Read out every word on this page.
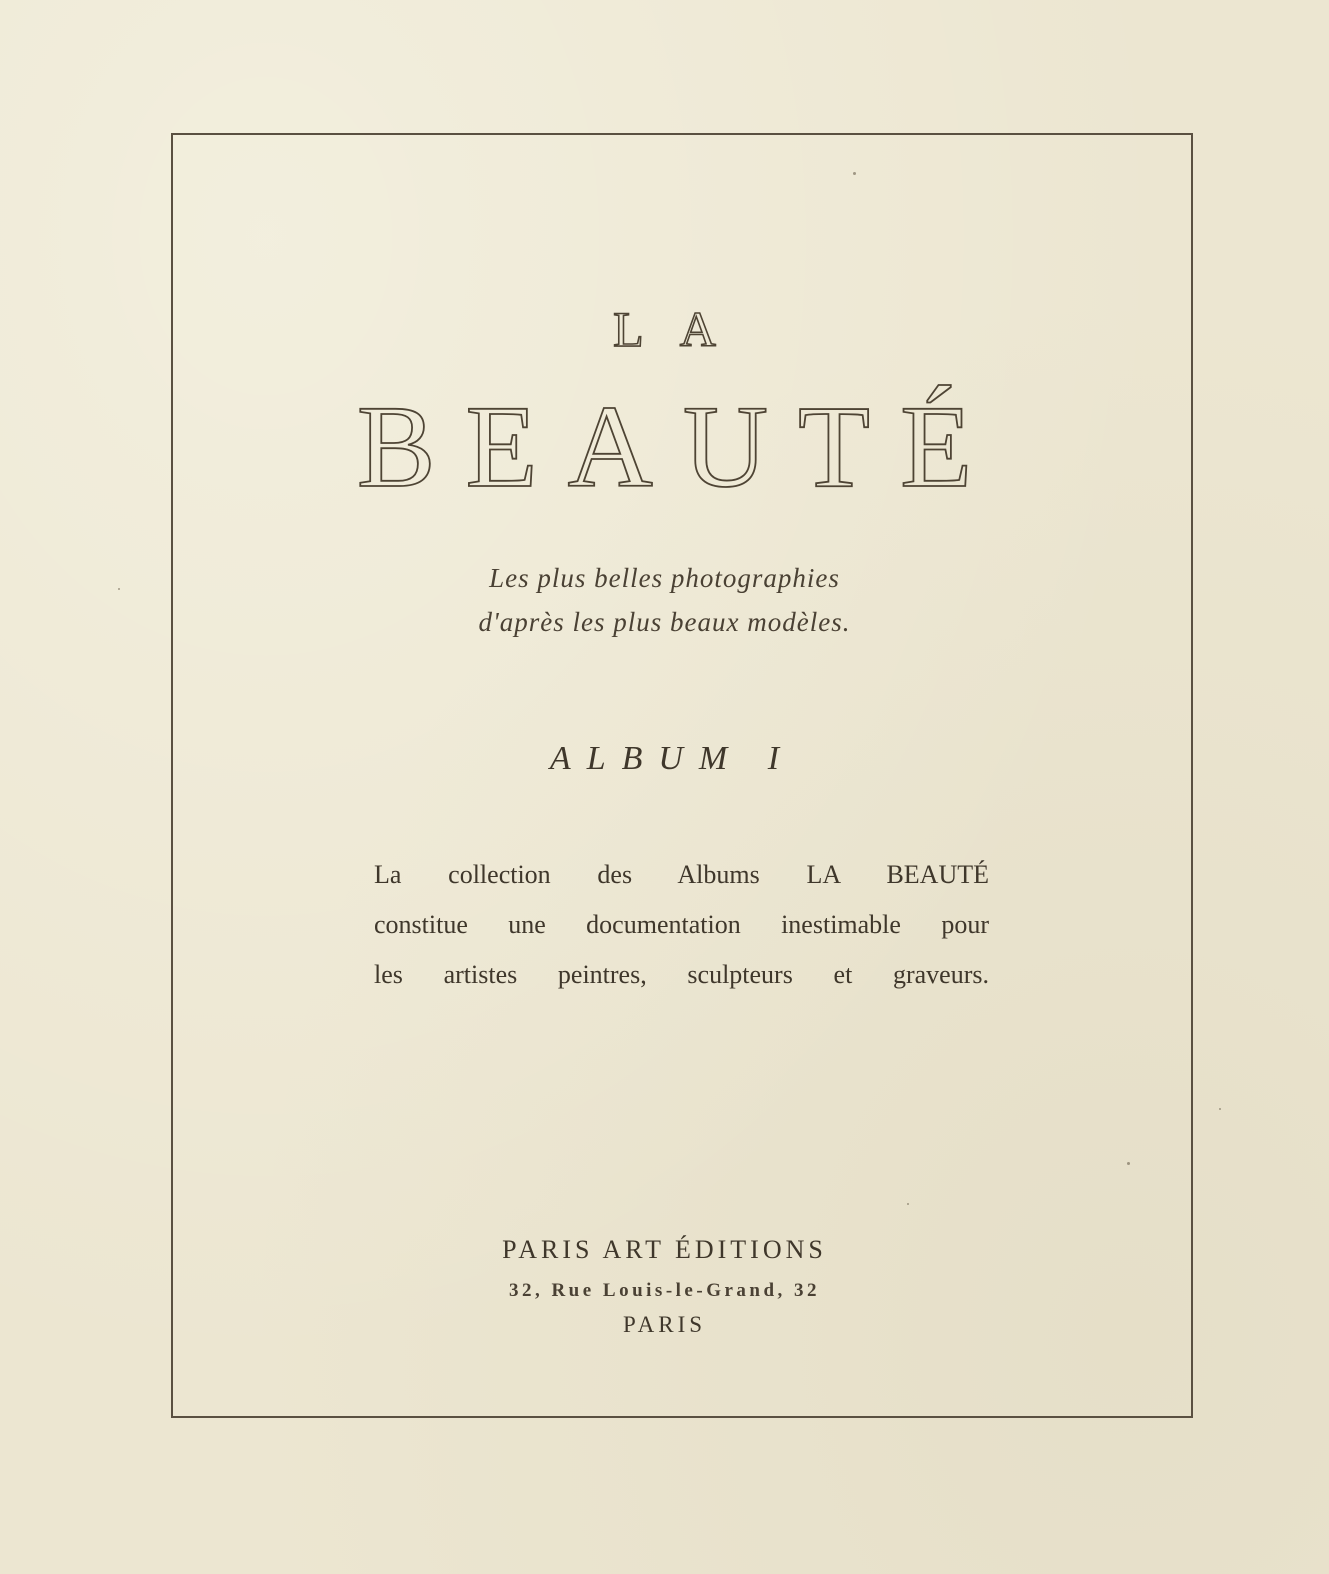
LA
BEAUTÉ
Les plus belles photographies
d'après les plus beaux modèles.
ALBUM I
La collection des Albums LA BEAUTÉ
constitue une documentation inestimable pour
les artistes peintres, sculpteurs et graveurs.
PARIS ART ÉDITIONS
32, Rue Louis-le-Grand, 32
PARIS
